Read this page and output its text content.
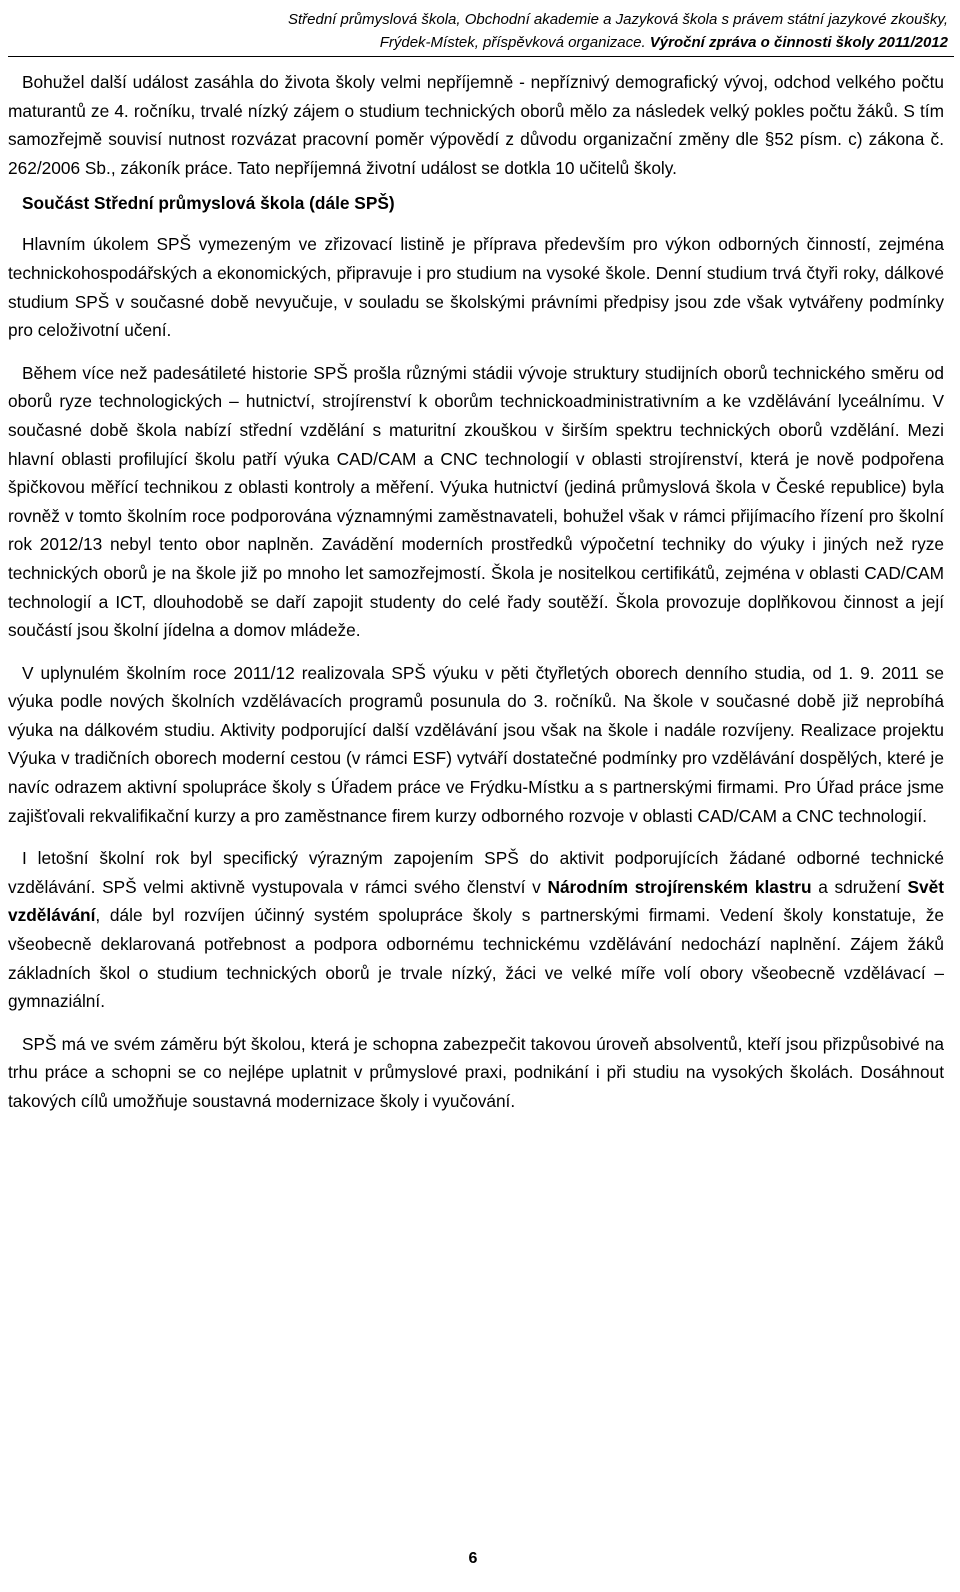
Střední průmyslová škola, Obchodní akademie a Jazyková škola s právem státní jazykové zkoušky,
Frýdek-Místek, příspěvková organizace. Výroční zpráva o činnosti školy 2011/2012

Bohužel další událost zasáhla do života školy velmi nepříjemně - nepříznivý demografický vývoj, odchod velkého počtu maturantů ze 4. ročníku, trvalé nízký zájem o studium technických oborů mělo za následek velký pokles počtu žáků. S tím samozřejmě souvisí nutnost rozvázat pracovní poměr výpovědí z důvodu organizační změny dle §52 písm. c) zákona č. 262/2006 Sb., zákoník práce. Tato nepříjemná životní událost se dotkla 10 učitelů školy.

Součást Střední průmyslová škola (dále SPŠ)

Hlavním úkolem SPŠ vymezeným ve zřizovací listině je příprava především pro výkon odborných činností, zejména technickohospodářských a ekonomických, připravuje i pro studium na vysoké škole. Denní studium trvá čtyři roky, dálkové studium SPŠ v současné době nevyučuje, v souladu se školskými právními předpisy jsou zde však vytvářeny podmínky pro celoživotní učení.

Během více než padesátileté historie SPŠ prošla různými stádii vývoje struktury studijních oborů technického směru od oborů ryze technologických – hutnictví, strojírenství k oborům technickoadministrativním a ke vzdělávání lyceálnímu. V současné době škola nabízí střední vzdělání s maturitní zkouškou v širším spektru technických oborů vzdělání. Mezi hlavní oblasti profilující školu patří výuka CAD/CAM a CNC technologií v oblasti strojírenství, která je nově podpořena špičkovou měřící technikou z oblasti kontroly a měření. Výuka hutnictví (jediná průmyslová škola v České republice) byla rovněž v tomto školním roce podporována významnými zaměstnavateli, bohužel však v rámci přijímacího řízení pro školní rok 2012/13 nebyl tento obor naplněn. Zavádění moderních prostředků výpočetní techniky do výuky i jiných než ryze technických oborů je na škole již po mnoho let samozřejmostí. Škola je nositelkou certifikátů, zejména v oblasti CAD/CAM technologií a ICT, dlouhodobě se daří zapojit studenty do celé řady soutěží. Škola provozuje doplňkovou činnost a její součástí jsou školní jídelna a domov mládeže.

V uplynulém školním roce 2011/12 realizovala SPŠ výuku v pěti čtyřletých oborech denního studia, od 1. 9. 2011 se výuka podle nových školních vzdělávacích programů posunula do 3. ročníků. Na škole v současné době již neprobíhá výuka na dálkovém studiu. Aktivity podporující další vzdělávání jsou však na škole i nadále rozvíjeny. Realizace projektu Výuka v tradičních oborech moderní cestou (v rámci ESF) vytváří dostatečné podmínky pro vzdělávání dospělých, které je navíc odrazem aktivní spolupráce školy s Úřadem práce ve Frýdku-Místku a s partnerskými firmami. Pro Úřad práce jsme zajišťovali rekvalifikační kurzy a pro zaměstnance firem kurzy odborného rozvoje v oblasti CAD/CAM a CNC technologií.

I letošní školní rok byl specifický výrazným zapojením SPŠ do aktivit podporujících žádané odborné technické vzdělávání. SPŠ velmi aktivně vystupovala v rámci svého členství v Národním strojírenském klastru a sdružení Svět vzdělávání, dále byl rozvíjen účinný systém spolupráce školy s partnerskými firmami. Vedení školy konstatuje, že všeobecně deklarovaná potřebnost a podpora odbornému technickému vzdělávání nedochází naplnění. Zájem žáků základních škol o studium technických oborů je trvale nízký, žáci ve velké míře volí obory všeobecně vzdělávací – gymnaziální.

SPŠ má ve svém záměru být školou, která je schopna zabezpečit takovou úroveň absolventů, kteří jsou přizpůsobivé na trhu práce a schopni se co nejlépe uplatnit v průmyslové praxi, podnikání i při studiu na vysokých školách. Dosáhnout takových cílů umožňuje soustavná modernizace školy i vyučování.

6
